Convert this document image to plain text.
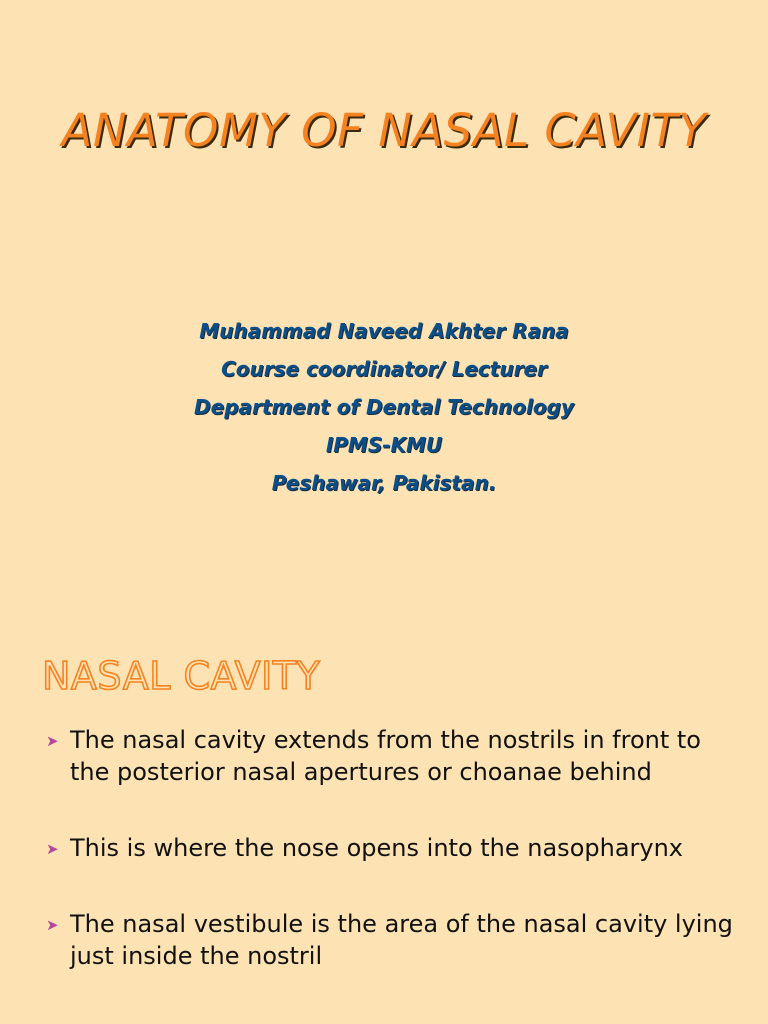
ANATOMY OF NASAL CAVITY
Muhammad Naveed Akhter Rana
Course coordinator/ Lecturer
Department of Dental Technology
IPMS-KMU
Peshawar, Pakistan.
NASAL CAVITY
➤ The nasal cavity extends from the nostrils in front to the posterior nasal apertures or choanae behind
➤ This is where the nose opens into the nasopharynx
➤ The nasal vestibule is the area of the nasal cavity lying just inside the nostril
